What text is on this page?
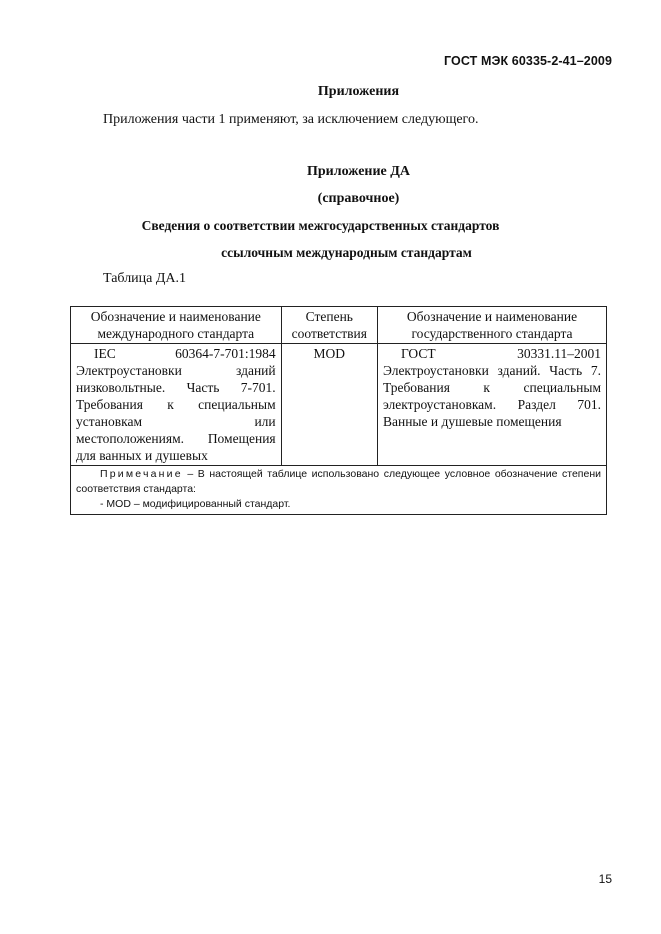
ГОСТ МЭК 60335-2-41–2009
Приложения
Приложения части 1 применяют, за исключением следующего.
Приложение ДА
(справочное)
Сведения о соответствии межгосударственных стандартов
ссылочным международным стандартам
Таблица ДА.1
Обозначение и наименование международного стандарта	Степень соответствия	Обозначение и наименование государственного стандарта
IEC 60364-7-701:1984 Электроустановки зданий низковольтные. Часть 7-701. Требования к специальным установкам или местоположениям. Помещения для ванных и душевых	MOD	ГОСТ 30331.11–2001 Электроустановки зданий. Часть 7. Требования к специальным электроустановкам. Раздел 701. Ванные и душевые помещения

Примечание – В настоящей таблице использовано следующее условное обозначение степени соответствия стандарта:
- MOD – модифицированный стандарт.		
15
